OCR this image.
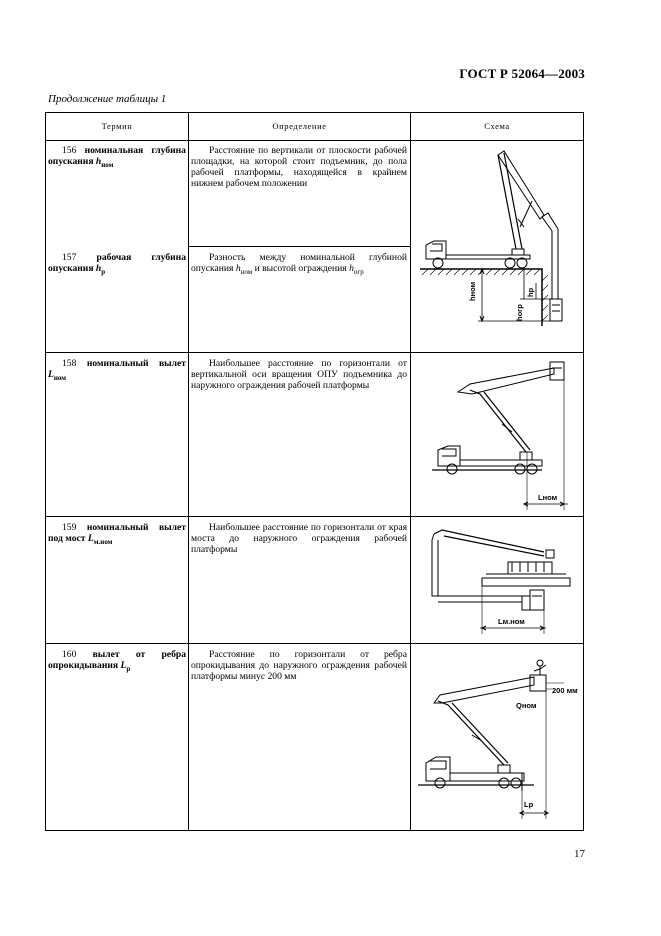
ГОСТ Р 52064—2003
Продолжение таблицы 1
Термин	Определение	Схема
156 номинальная глубина опускания $h_{ном}$
Расстояние по вертикали от плоскости рабочей площадки, на которой стоит подъемник, до пола рабочей платформы, находящейся в крайнем нижнем рабочем положении
157 рабочая глубина опускания $h_р$
Разность между номинальной глубиной опускания $h_{ном}$ и высотой ограждения $h_{огр}$
158 номинальный вылет $L_{ном}$
Наибольшее расстояние по горизонтали от вертикальной оси вращения ОПУ подъемника до наружного ограждения рабочей платформы
159 номинальный вылет под мост $L_{м.ном}$
Наибольшее расстояние по горизонтали от края моста до наружного ограждения рабочей платформы
160 вылет от ребра опрокидывания $L_р$
Расстояние по горизонтали от ребра опрокидывания до наружного ограждения рабочей платформы минус 200 мм
hном	hр
hогр
Lном
Lм.ном
200 мм
Qном
Lр
17
